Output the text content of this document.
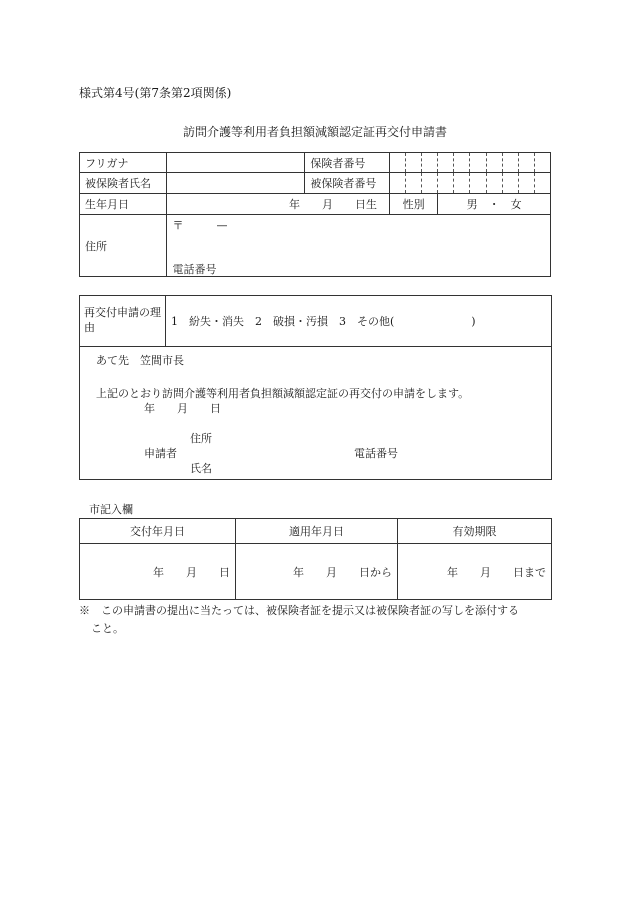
様式第4号(第7条第2項関係)
訪問介護等利用者負担額減額認定証再交付申請書
フリガナ		保険者番号										
被保険者氏名		被保険者番号										
生年月日	年　　月　　日生		性別			男　・　女						
住所	〒　　　—
電話番号											
再交付申請の理由	1　紛失・消失　2　破損・汚損　3　その他(　　　　　　　)

あて先　笠間市長
上記のとおり訪問介護等利用者負担額減額認定証の再交付の申請をします。
年　　月　　日
住所
申請者	電話番号
氏名
市記入欄
交付年月日	適用年月日	有効期限
年　　月　　日	年　　月　　日から	年　　月　　日まで
※　この申請書の提出に当たっては、被保険者証を提示又は被保険者証の写しを添付する
こと。
